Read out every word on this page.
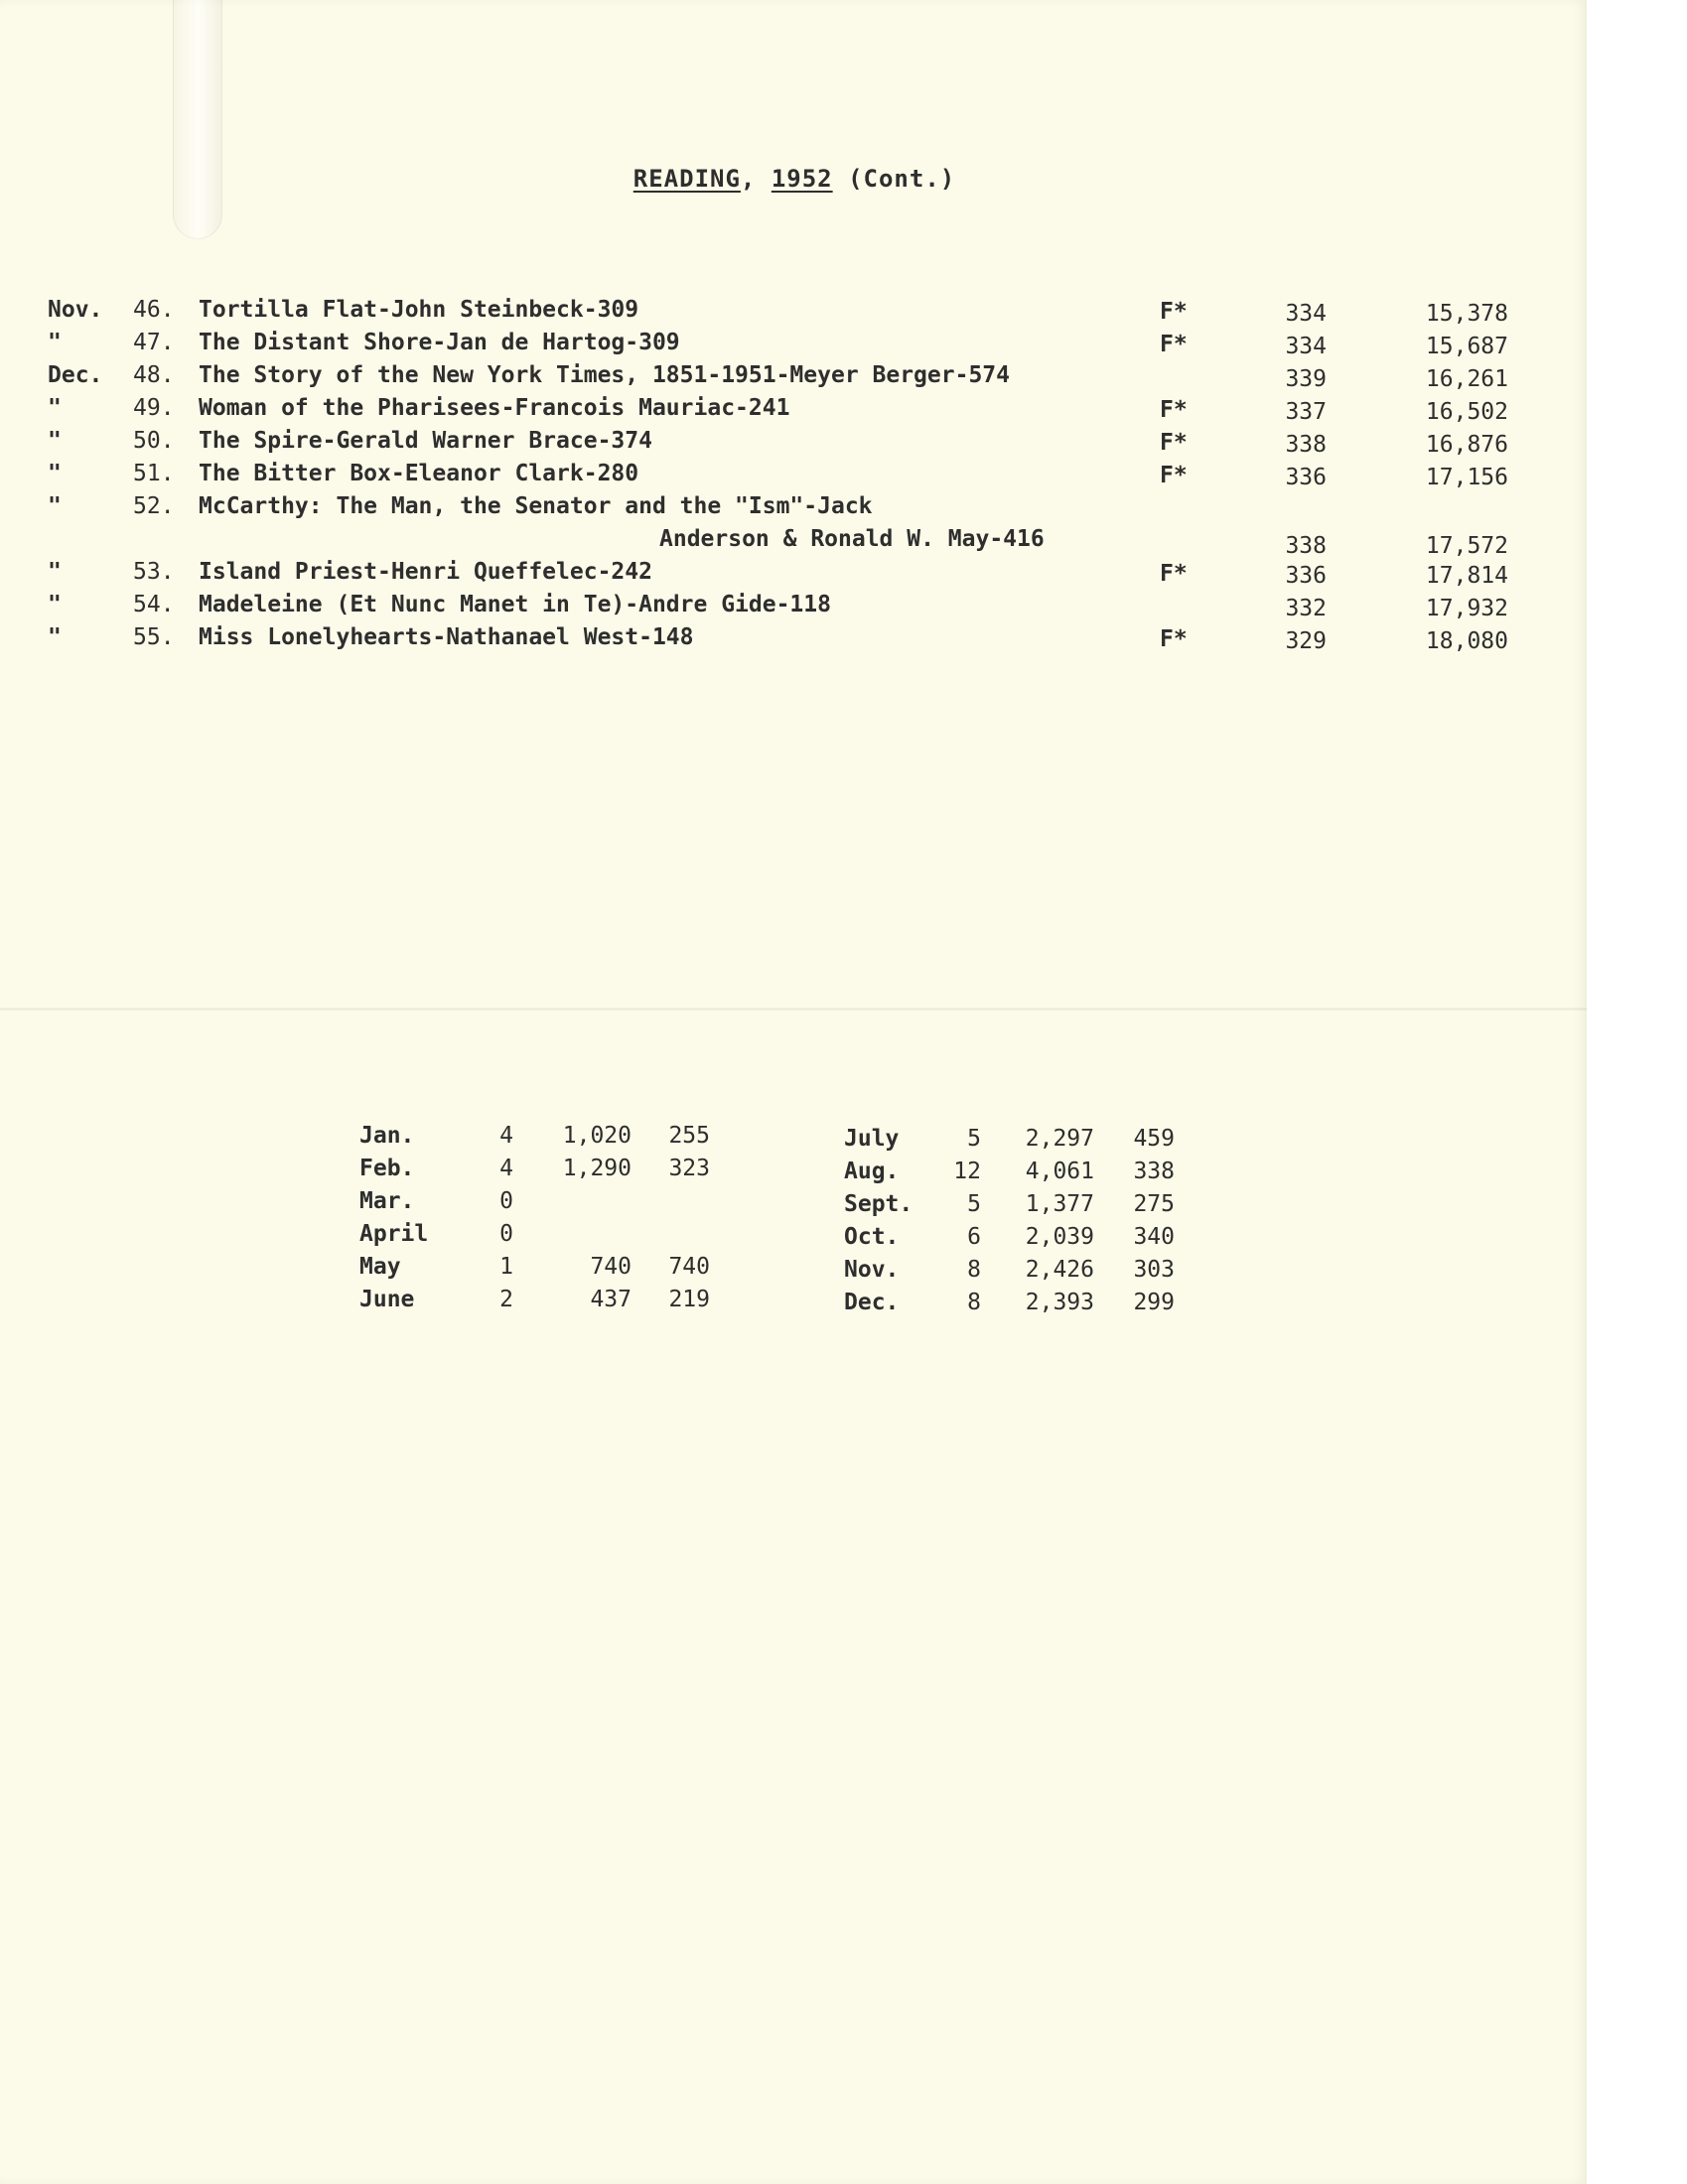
READING, 1952 (Cont.)
Nov. 46. Tortilla Flat-John Steinbeck-309	F*	334	15,378
"	47. The Distant Shore-Jan de Hartog-309	F*	334	15,687
Dec. 48. The Story of the New York Times, 1851-1951-Meyer Berger-574	339	16,261
"	49. Woman of the Pharisees-Francois Mauriac-241	F*	337	16,502
"	50. The Spire-Gerald Warner Brace-374	F*	338	16,876
"	51. The Bitter Box-Eleanor Clark-280	F*	336	17,156
"	52. McCarthy: The Man, the Senator and the "Ism"-Jack
Anderson & Ronald W. May-416	338	17,572
"	53. Island Priest-Henri Queffelec-242	F*	336	17,814
"	54. Madeleine (Et Nunc Manet in Te)-Andre Gide-118	332	17,932
"	55. Miss Lonelyhearts-Nathanael West-148	F*	329	18,080
Jan.	4	1,020	255
Feb.	4	1,290	323
Mar.	0
April	0
May	1	740	740
June	2	437	219
July	5	2,297	459
Aug.	12	4,061	338
Sept.	5	1,377	275
Oct.	6	2,039	340
Nov.	8	2,426	303
Dec.	8	2,393	299
